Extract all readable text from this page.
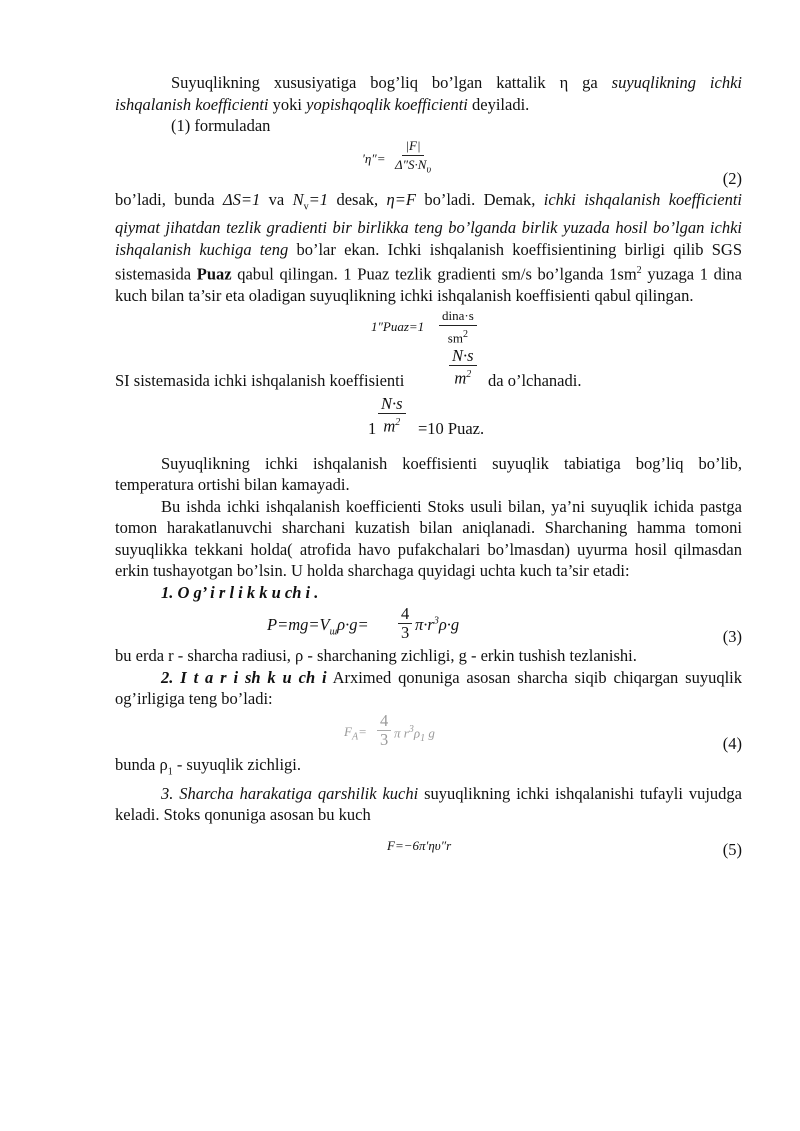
Suyuqlikning xususiyatiga bog’liq bo’lgan kattalik η ga suyuqlikning ichki ishqalanish koefficienti yoki yopishqoqlik koefficienti deyiladi.

(1) formuladan

$'\eta''= \frac{|F|}{\Delta''S\cdot N_\upsilon}$	(2)

bo’ladi, bunda ΔS=1 va $N_v=1$ desak, η=F bo’ladi. Demak, ichki ishqalanish koefficienti qiymat jihatdan tezlik gradienti bir birlikka teng bo’lganda birlik yuzada hosil bo’lgan ichki ishqalanish kuchiga teng bo’lar ekan. Ichki ishqalanish koeffisientining birligi qilib SGS sistemasida Puaz qabul qilingan. 1 Puaz tezlik gradienti sm/s bo’lganda $1sm^2$ yuzaga 1 dina kuch bilan ta’sir eta oladigan suyuqlikning ichki ishqalanish koeffisienti qabul qilingan.

1″Puaz=1
dina·s
$sm^2$
SI sistemasida ichki ishqalanish koeffisienti	$\frac{N\cdot s}{m^2}$ da o’lchanadi.
$1 \frac{N\cdot s}{m^2} =10$ Puaz.

Suyuqlikning ichki ishqalanish koeffisienti suyuqlik tabiatiga bog’liq bo’lib, temperatura ortishi bilan kamayadi.

Bu ishda ichki ishqalanish koefficienti Stoks usuli bilan, ya’ni suyuqlik ichida pastga tomon harakatlanuvchi sharchani kuzatish bilan aniqlanadi. Sharchaning hamma tomoni suyuqlikka tekkani holda( atrofida havo pufakchalari bo’lmasdan) uyurma hosil qilmasdan erkin tushayotgan bo’lsin. U holda sharchaga quyidagi uchta kuch ta’sir etadi:

1. O g’ i r l i k k u ch i .

$P=mg=V_ш\rho\cdot g= \frac{4}{3} \pi\cdot r^3\rho\cdot g$
(3)

bu erda r - sharcha radiusi, ρ - sharchaning zichligi, g - erkin tushish tezlanishi.

2. I t a r i sh k u ch i Arximed qonuniga asosan sharcha siqib chiqargan suyuqlik og’irligiga teng bo’ladi:

$F_A= \frac{4}{3}$ π $r^3\rho_1$ g
(4)

bunda $\rho_1$ - suyuqlik zichligi.

3. Sharcha harakatiga qarshilik kuchi suyuqlikning ichki ishqalanishi tufayli vujudga keladi. Stoks qonuniga asosan bu kuch

F=−6π′ηυ″r	(5)
